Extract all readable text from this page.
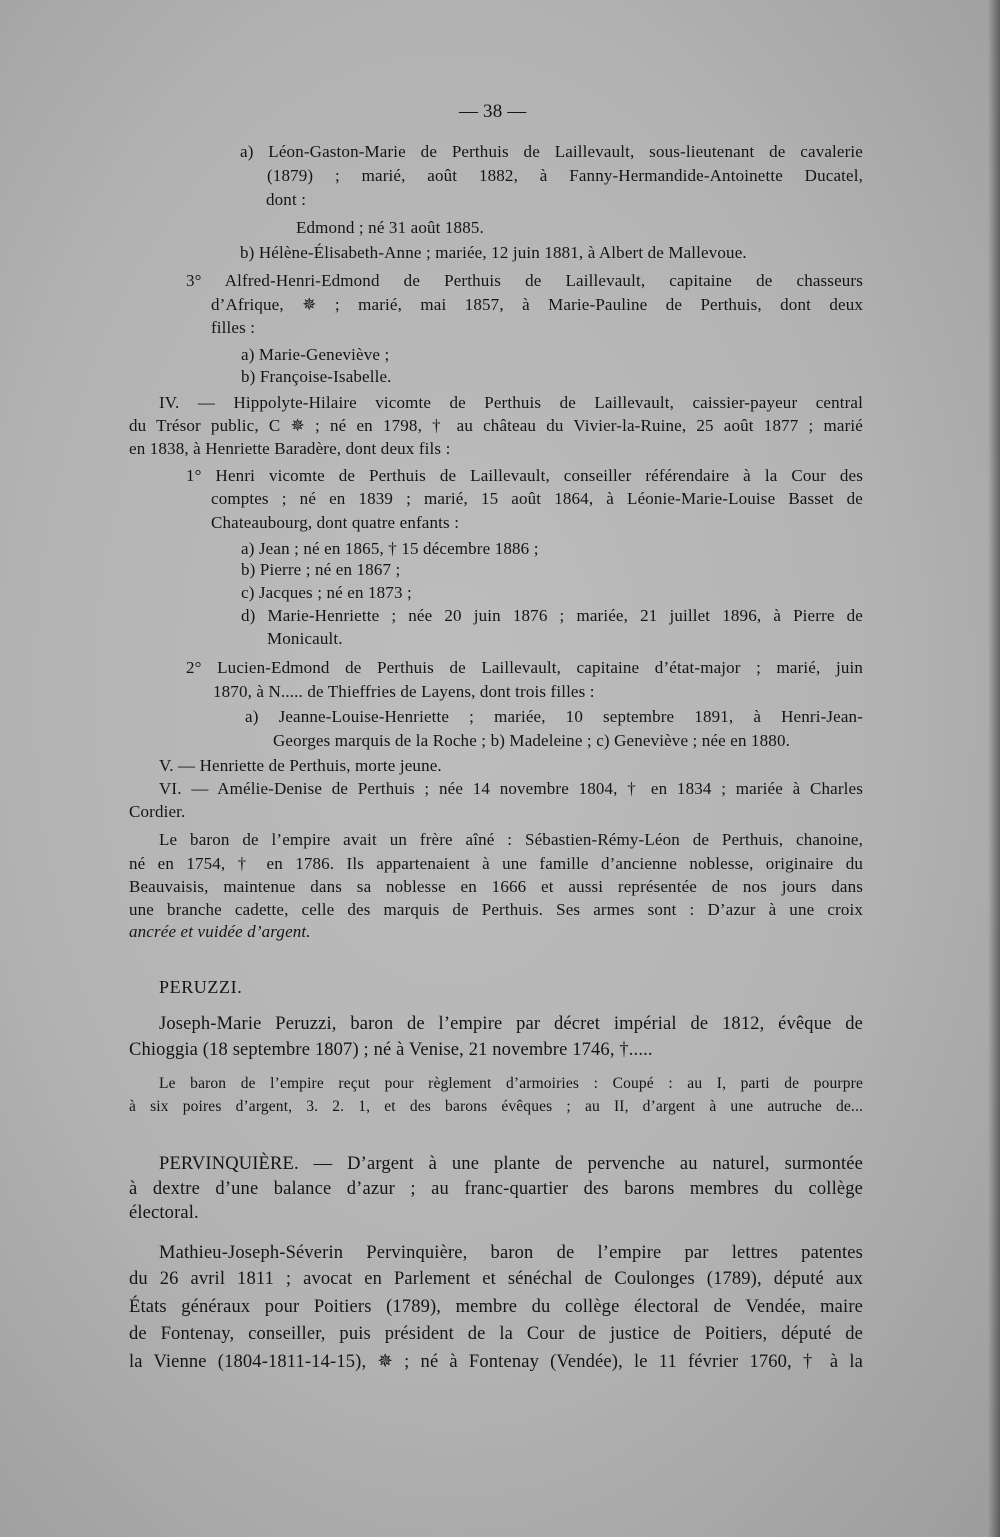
— 38 —
a) Léon-Gaston-Marie de Perthuis de Laillevault, sous-lieutenant de cavalerie
(1879) ; marié, août 1882, à Fanny-Hermandide-Antoinette Ducatel,
dont :
Edmond ; né 31 août 1885.
b) Hélène-Élisabeth-Anne ; mariée, 12 juin 1881, à Albert de Mallevoue.
3° Alfred-Henri-Edmond de Perthuis de Laillevault, capitaine de chasseurs
d’Afrique, ✵ ; marié, mai 1857, à Marie-Pauline de Perthuis, dont deux
filles :
a) Marie-Geneviève ;
b) Françoise-Isabelle.
IV. — Hippolyte-Hilaire vicomte de Perthuis de Laillevault, caissier-payeur central
du Trésor public, C ✵ ; né en 1798, † au château du Vivier-la-Ruine, 25 août 1877 ; marié
en 1838, à Henriette Baradère, dont deux fils :
1° Henri vicomte de Perthuis de Laillevault, conseiller référendaire à la Cour des
comptes ; né en 1839 ; marié, 15 août 1864, à Léonie-Marie-Louise Basset de
Chateaubourg, dont quatre enfants :
a) Jean ; né en 1865, † 15 décembre 1886 ;
b) Pierre ; né en 1867 ;
c) Jacques ; né en 1873 ;
d) Marie-Henriette ; née 20 juin 1876 ; mariée, 21 juillet 1896, à Pierre de
Monicault.
2° Lucien-Edmond de Perthuis de Laillevault, capitaine d’état-major ; marié, juin
1870, à N..... de Thieffries de Layens, dont trois filles :
a) Jeanne-Louise-Henriette ; mariée, 10 septembre 1891, à Henri-Jean-
Georges marquis de la Roche ; b) Madeleine ; c) Geneviève ; née en 1880.
V. — Henriette de Perthuis, morte jeune.
VI. — Amélie-Denise de Perthuis ; née 14 novembre 1804, † en 1834 ; mariée à Charles
Cordier.
Le baron de l’empire avait un frère aîné : Sébastien-Rémy-Léon de Perthuis, chanoine,
né en 1754, † en 1786. Ils appartenaient à une famille d’ancienne noblesse, originaire du
Beauvaisis, maintenue dans sa noblesse en 1666 et aussi représentée de nos jours dans
une branche cadette, celle des marquis de Perthuis. Ses armes sont : D’azur à une croix
ancrée et vuidée d’argent.
PERUZZI.
Joseph-Marie Peruzzi, baron de l’empire par décret impérial de 1812, évêque de
Chioggia (18 septembre 1807) ; né à Venise, 21 novembre 1746, †.....
Le baron de l’empire reçut pour règlement d’armoiries : Coupé : au I, parti de pourpre
à six poires d’argent, 3. 2. 1, et des barons évêques ; au II, d’argent à une autruche de...
PERVINQUIÈRE. — D’argent à une plante de pervenche au naturel, surmontée
à dextre d’une balance d’azur ; au franc-quartier des barons membres du collège
électoral.
Mathieu-Joseph-Séverin Pervinquière, baron de l’empire par lettres patentes
du 26 avril 1811 ; avocat en Parlement et sénéchal de Coulonges (1789), député aux
États généraux pour Poitiers (1789), membre du collège électoral de Vendée, maire
de Fontenay, conseiller, puis président de la Cour de justice de Poitiers, député de
la Vienne (1804-1811-14-15), ✵ ; né à Fontenay (Vendée), le 11 février 1760, † à la
